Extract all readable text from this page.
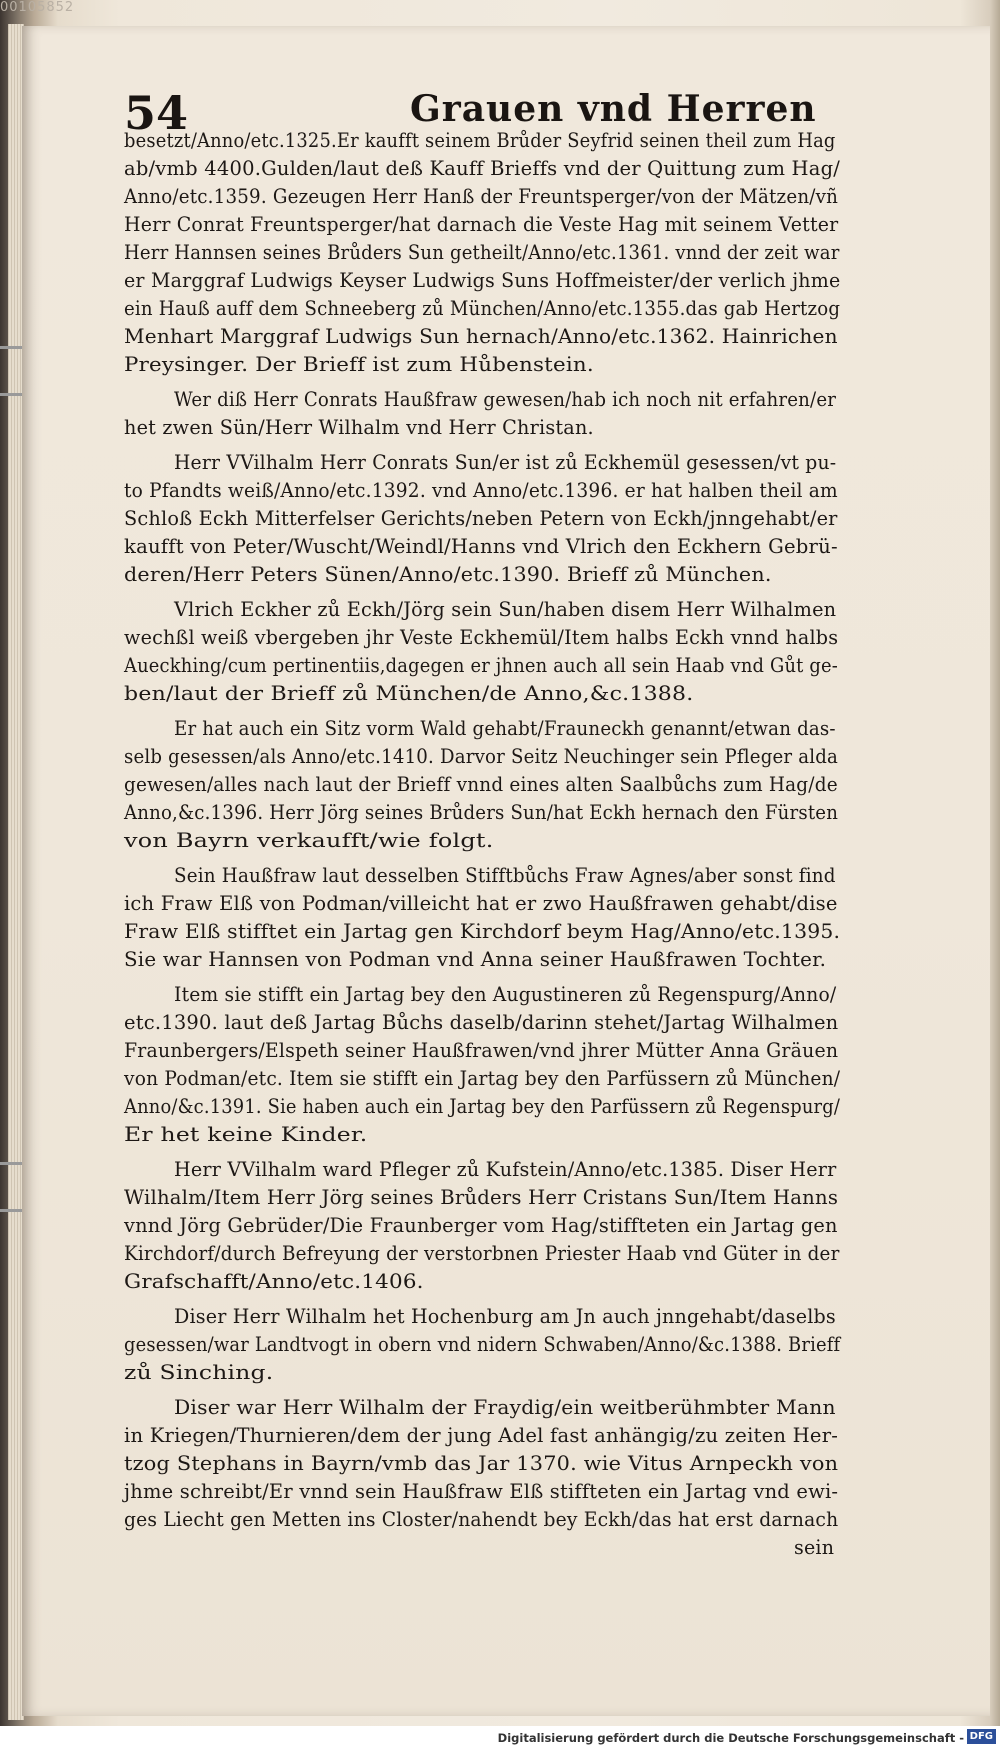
00105852
54	Grauen vnd Herren
besetzt/Anno/etc.1325.Er kaufft seinem Brůder Seyfrid seinen theil zum Hag
ab/vmb 4400.Gulden/laut deß Kauff Brieffs vnd der Quittung zum Hag/
Anno/etc.1359. Gezeugen Herr Hanß der Freuntsperger/von der Mätzen/vñ
Herr Conrat Freuntsperger/hat darnach die Veste Hag mit seinem Vetter
Herr Hannsen seines Brůders Sun getheilt/Anno/etc.1361. vnnd der zeit war
er Marggraf Ludwigs Keyser Ludwigs Suns Hoffmeister/der verlich jhme
ein Hauß auff dem Schneeberg zů München/Anno/etc.1355.das gab Hertzog
Menhart Marggraf Ludwigs Sun hernach/Anno/etc.1362. Hainrichen
Preysinger. Der Brieff ist zum Hůbenstein.
Wer diß Herr Conrats Haußfraw gewesen/hab ich noch nit erfahren/er
het zwen Sün/Herr Wilhalm vnd Herr Christan.
Herr VVilhalm Herr Conrats Sun/er ist zů Eckhemül gesessen/vt pu-
to Pfandts weiß/Anno/etc.1392. vnd Anno/etc.1396. er hat halben theil am
Schloß Eckh Mitterfelser Gerichts/neben Petern von Eckh/jnngehabt/er
kaufft von Peter/Wuscht/Weindl/Hanns vnd Vlrich den Eckhern Gebrü-
deren/Herr Peters Sünen/Anno/etc.1390. Brieff zů München.
Vlrich Eckher zů Eckh/Jörg sein Sun/haben disem Herr Wilhalmen
wechßl weiß vbergeben jhr Veste Eckhemül/Item halbs Eckh vnnd halbs
Aueckhing/cum pertinentiis,dagegen er jhnen auch all sein Haab vnd Gůt ge-
ben/laut der Brieff zů München/de Anno,&c.1388.
Er hat auch ein Sitz vorm Wald gehabt/Frauneckh genannt/etwan das-
selb gesessen/als Anno/etc.1410. Darvor Seitz Neuchinger sein Pfleger alda
gewesen/alles nach laut der Brieff vnnd eines alten Saalbůchs zum Hag/de
Anno,&c.1396. Herr Jörg seines Brůders Sun/hat Eckh hernach den Fürsten
von Bayrn verkaufft/wie folgt.
Sein Haußfraw laut desselben Stifftbůchs Fraw Agnes/aber sonst find
ich Fraw Elß von Podman/villeicht hat er zwo Haußfrawen gehabt/dise
Fraw Elß stifftet ein Jartag gen Kirchdorf beym Hag/Anno/etc.1395.
Sie war Hannsen von Podman vnd Anna seiner Haußfrawen Tochter.
Item sie stifft ein Jartag bey den Augustineren zů Regenspurg/Anno/
etc.1390. laut deß Jartag Bůchs daselb/darinn stehet/Jartag Wilhalmen
Fraunbergers/Elspeth seiner Haußfrawen/vnd jhrer Mütter Anna Gräuen
von Podman/etc. Item sie stifft ein Jartag bey den Parfüssern zů München/
Anno/&c.1391. Sie haben auch ein Jartag bey den Parfüssern zů Regenspurg/
Er het keine Kinder.
Herr VVilhalm ward Pfleger zů Kufstein/Anno/etc.1385. Diser Herr
Wilhalm/Item Herr Jörg seines Brůders Herr Cristans Sun/Item Hanns
vnnd Jörg Gebrüder/Die Fraunberger vom Hag/stiffteten ein Jartag gen
Kirchdorf/durch Befreyung der verstorbnen Priester Haab vnd Güter in der
Grafschafft/Anno/etc.1406.
Diser Herr Wilhalm het Hochenburg am Jn auch jnngehabt/daselbs
gesessen/war Landtvogt in obern vnd nidern Schwaben/Anno/&c.1388. Brieff
zů Sinching.
Diser war Herr Wilhalm der Fraydig/ein weitberühmbter Mann
in Kriegen/Thurnieren/dem der jung Adel fast anhängig/zu zeiten Her-
tzog Stephans in Bayrn/vmb das Jar 1370. wie Vitus Arnpeckh von
jhme schreibt/Er vnnd sein Haußfraw Elß stiffteten ein Jartag vnd ewi-
ges Liecht gen Metten ins Closter/nahendt bey Eckh/das hat erst darnach
sein
Digitalisierung gefördert durch die Deutsche Forschungsgemeinschaft - DFG
